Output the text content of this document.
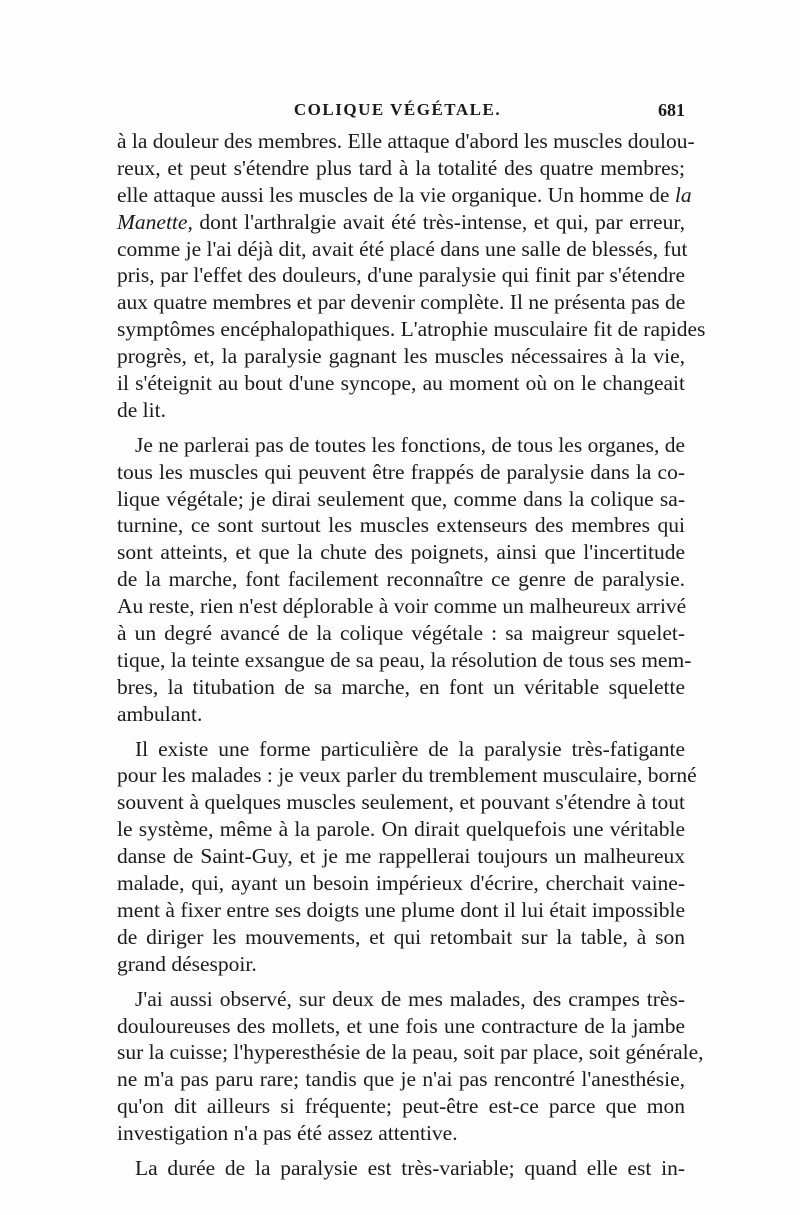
COLIQUE VÉGÉTALE.	681
à la douleur des membres. Elle attaque d'abord les muscles doulou-
reux, et peut s'étendre plus tard à la totalité des quatre membres;
elle attaque aussi les muscles de la vie organique. Un homme de la
Manette, dont l'arthralgie avait été très-intense, et qui, par erreur,
comme je l'ai déjà dit, avait été placé dans une salle de blessés, fut
pris, par l'effet des douleurs, d'une paralysie qui finit par s'étendre
aux quatre membres et par devenir complète. Il ne présenta pas de
symptômes encéphalopathiques. L'atrophie musculaire fit de rapides
progrès, et, la paralysie gagnant les muscles nécessaires à la vie,
il s'éteignit au bout d'une syncope, au moment où on le changeait
de lit.
Je ne parlerai pas de toutes les fonctions, de tous les organes, de
tous les muscles qui peuvent être frappés de paralysie dans la co-
lique végétale; je dirai seulement que, comme dans la colique sa-
turnine, ce sont surtout les muscles extenseurs des membres qui
sont atteints, et que la chute des poignets, ainsi que l'incertitude
de la marche, font facilement reconnaître ce genre de paralysie.
Au reste, rien n'est déplorable à voir comme un malheureux arrivé
à un degré avancé de la colique végétale : sa maigreur squelet-
tique, la teinte exsangue de sa peau, la résolution de tous ses mem-
bres, la titubation de sa marche, en font un véritable squelette
ambulant.
Il existe une forme particulière de la paralysie très-fatigante
pour les malades : je veux parler du tremblement musculaire, borné
souvent à quelques muscles seulement, et pouvant s'étendre à tout
le système, même à la parole. On dirait quelquefois une véritable
danse de Saint-Guy, et je me rappellerai toujours un malheureux
malade, qui, ayant un besoin impérieux d'écrire, cherchait vaine-
ment à fixer entre ses doigts une plume dont il lui était impossible
de diriger les mouvements, et qui retombait sur la table, à son
grand désespoir.
J'ai aussi observé, sur deux de mes malades, des crampes très-
douloureuses des mollets, et une fois une contracture de la jambe
sur la cuisse; l'hyperesthésie de la peau, soit par place, soit générale,
ne m'a pas paru rare; tandis que je n'ai pas rencontré l'anesthésie,
qu'on dit ailleurs si fréquente; peut-être est-ce parce que mon
investigation n'a pas été assez attentive.
La durée de la paralysie est très-variable; quand elle est in-
